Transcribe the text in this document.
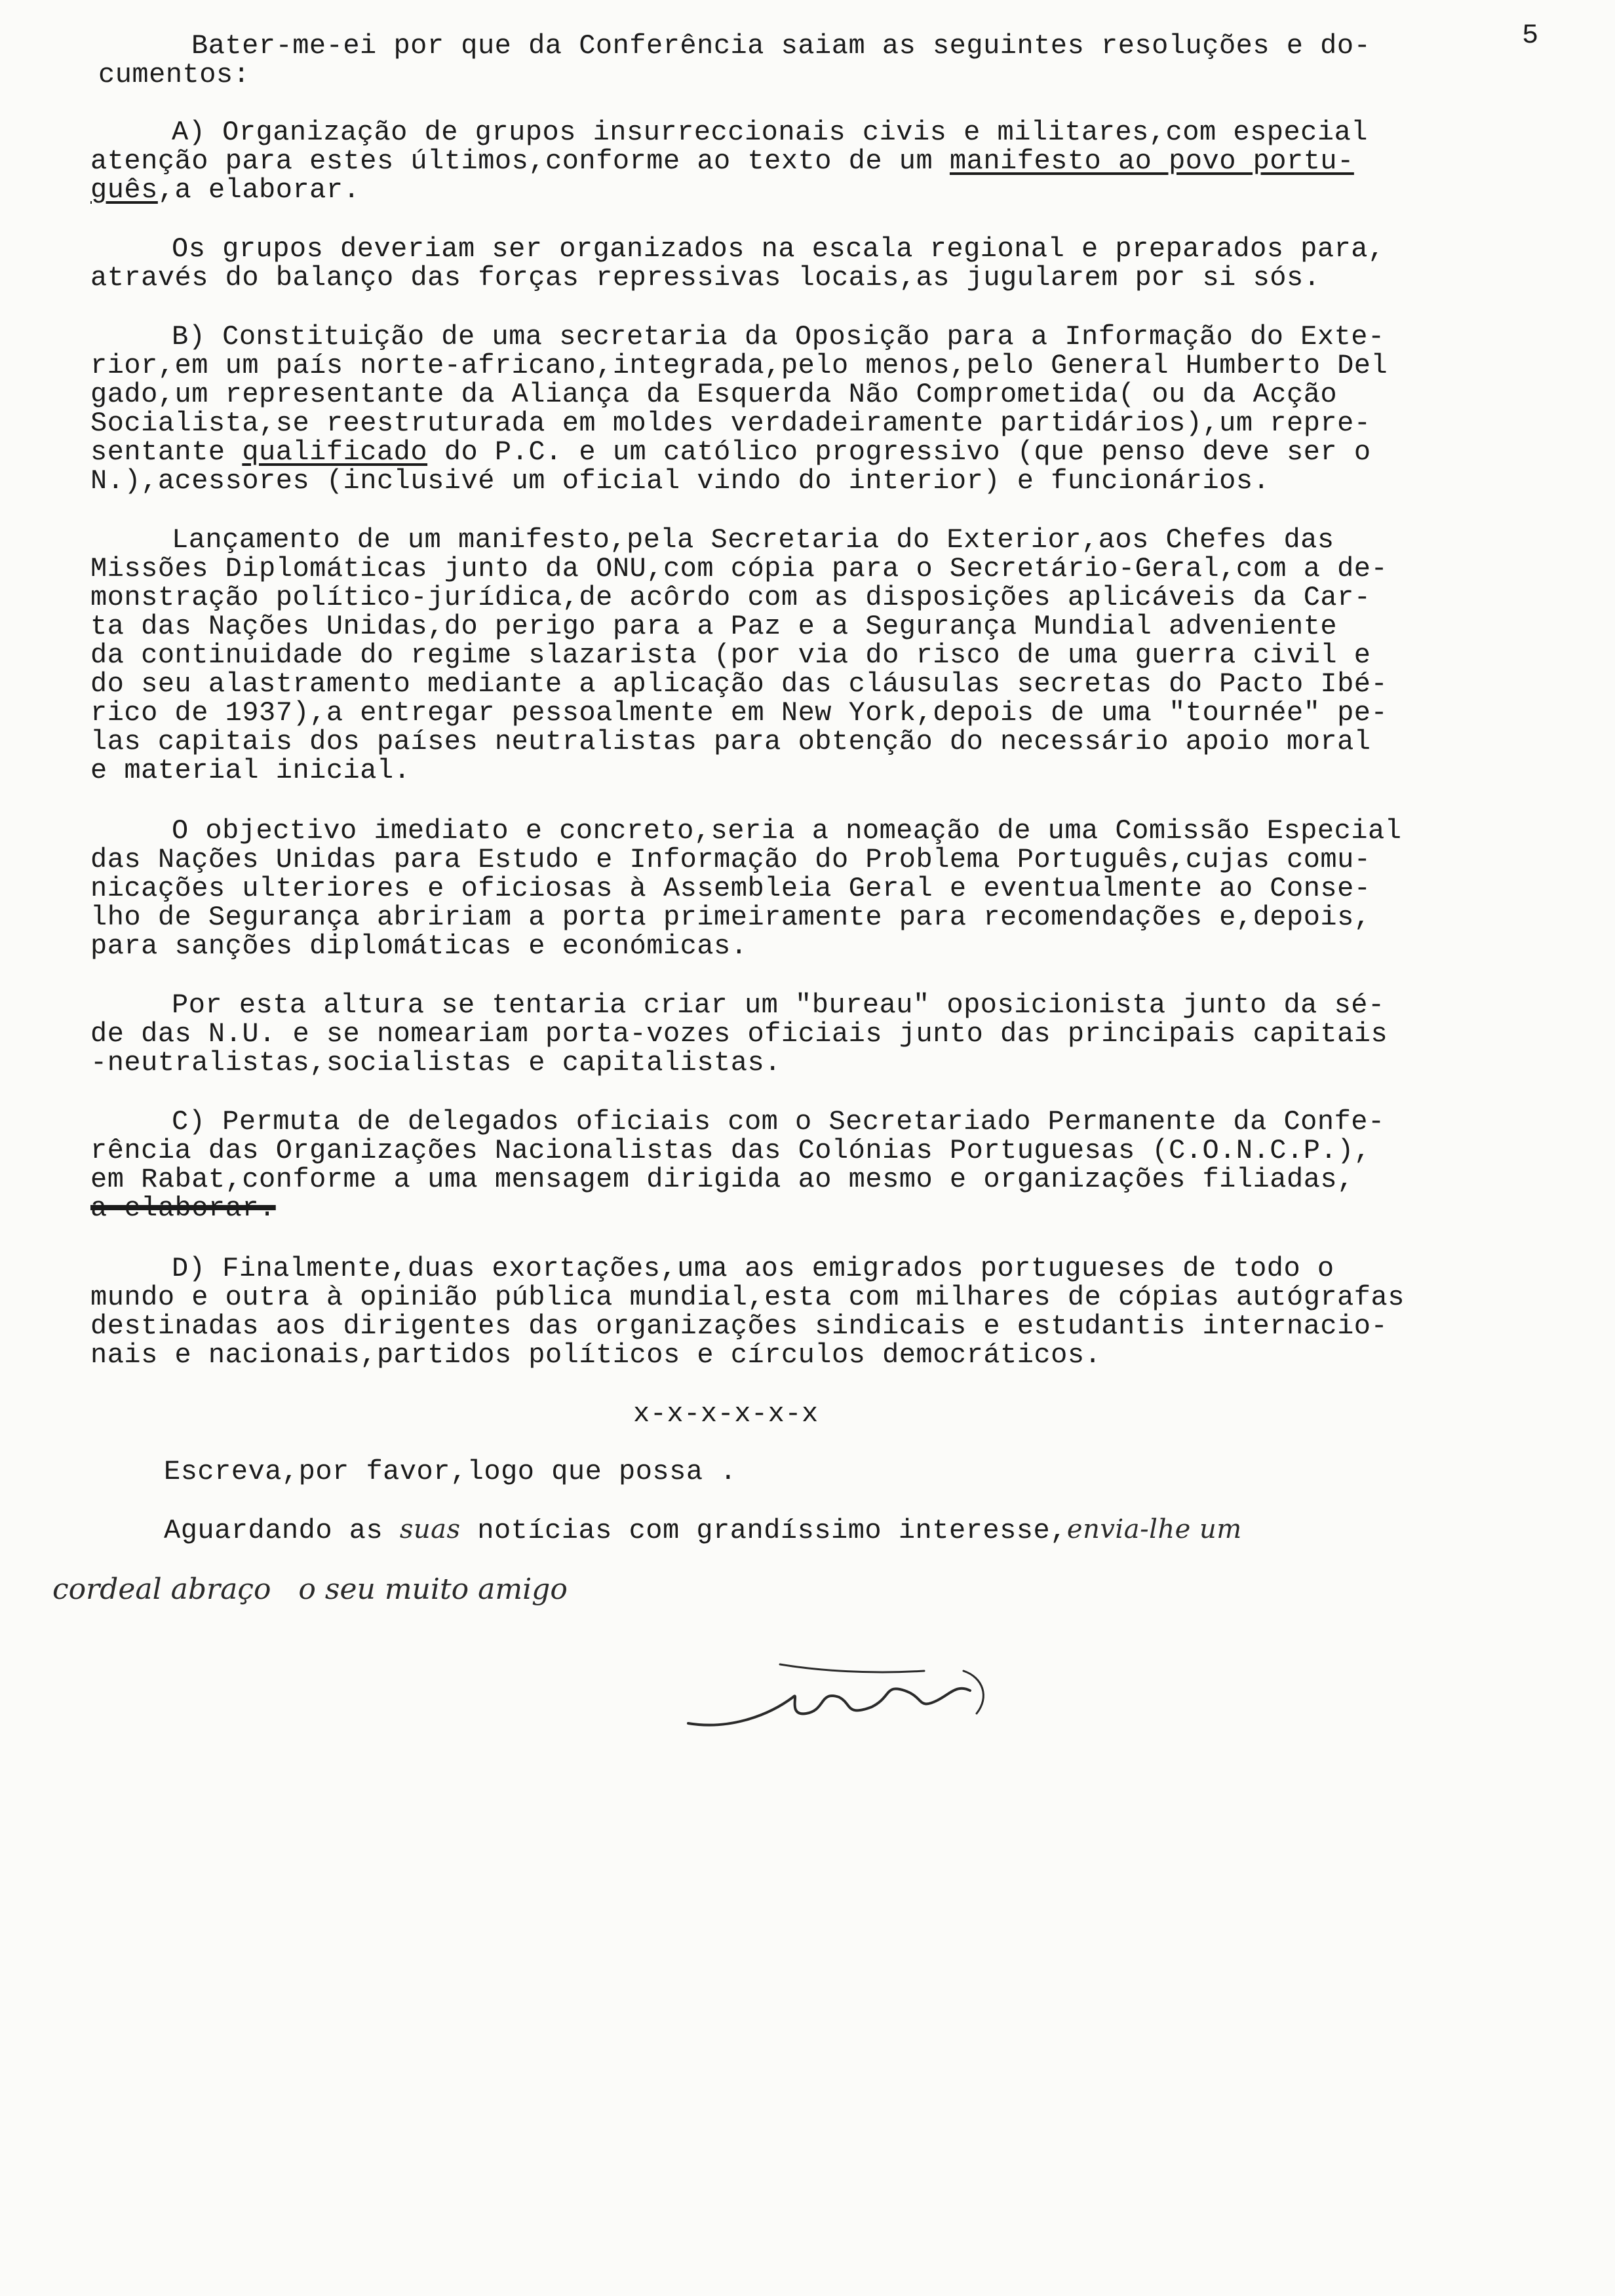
5
Bater-me-ei por que da Conferência saiam as seguintes resoluções e do-
cumentos:
A) Organização de grupos insurreccionais civis e militares,com especial
atenção para estes últimos,conforme ao texto de um manifesto ao povo portu-
guês,a elaborar.
Os grupos deveriam ser organizados na escala regional e preparados para,
através do balanço das forças repressivas locais,as jugularem por si sós.
B) Constituição de uma secretaria da Oposição para a Informação do Exte-
rior,em um país norte-africano,integrada,pelo menos,pelo General Humberto Del
gado,um representante da Aliança da Esquerda Não Comprometida( ou da Acção
Socialista,se reestruturada em moldes verdadeiramente partidários),um repre-
sentante qualificado do P.C. e um católico progressivo (que penso deve ser o
N.),acessores (inclusivé um oficial vindo do interior) e funcionários.
Lançamento de um manifesto,pela Secretaria do Exterior,aos Chefes das
Missões Diplomáticas junto da ONU,com cópia para o Secretário-Geral,com a de-
monstração político-jurídica,de acôrdo com as disposições aplicáveis da Car-
ta das Nações Unidas,do perigo para a Paz e a Segurança Mundial adveniente
da continuidade do regime slazarista (por via do risco de uma guerra civil e
do seu alastramento mediante a aplicação das cláusulas secretas do Pacto Ibé-
rico de 1937),a entregar pessoalmente em New York,depois de uma "tournée" pe-
las capitais dos países neutralistas para obtenção do necessário apoio moral
e material inicial.
O objectivo imediato e concreto,seria a nomeação de uma Comissão Especial
das Nações Unidas para Estudo e Informação do Problema Português,cujas comu-
nicações ulteriores e oficiosas à Assembleia Geral e eventualmente ao Conse-
lho de Segurança abririam a porta primeiramente para recomendações e,depois,
para sanções diplomáticas e económicas.
Por esta altura se tentaria criar um "bureau" oposicionista junto da sé-
de das N.U. e se nomeariam porta-vozes oficiais junto das principais capitais
-neutralistas,socialistas e capitalistas.
C) Permuta de delegados oficiais com o Secretariado Permanente da Confe-
rência das Organizações Nacionalistas das Colónias Portuguesas (C.O.N.C.P.),
em Rabat,conforme a uma mensagem dirigida ao mesmo e organizações filiadas,
a elaborar.
D) Finalmente,duas exortações,uma aos emigrados portugueses de todo o
mundo e outra à opinião pública mundial,esta com milhares de cópias autógrafas
destinadas aos dirigentes das organizações sindicais e estudantis internacio-
nais e nacionais,partidos políticos e círculos democráticos.
x-x-x-x-x-x
Escreva,por favor,logo que possa .
Aguardando as suas notícias com grandíssimo interesse,envia-lhe um
cordeal abraço   o seu muito amigo
